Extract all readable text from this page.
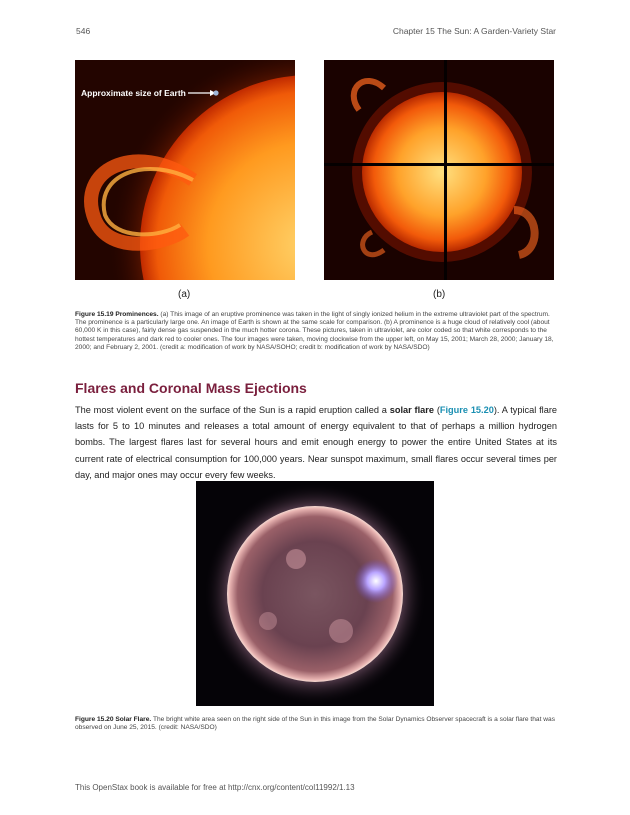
546	Chapter 15 The Sun: A Garden-Variety Star
Approximate size of Earth
(a)	(b)
Figure 15.19 Prominences. (a) This image of an eruptive prominence was taken in the light of singly ionized helium in the extreme ultraviolet part of the spectrum. The prominence is a particularly large one. An image of Earth is shown at the same scale for comparison. (b) A prominence is a huge cloud of relatively cool (about 60,000 K in this case), fairly dense gas suspended in the much hotter corona. These pictures, taken in ultraviolet, are color coded so that white corresponds to the hottest temperatures and dark red to cooler ones. The four images were taken, moving clockwise from the upper left, on May 15, 2001; March 28, 2000; January 18, 2000; and February 2, 2001. (credit a: modification of work by NASA/SOHO; credit b: modification of work by NASA/SDO)
Flares and Coronal Mass Ejections
The most violent event on the surface of the Sun is a rapid eruption called a solar flare (Figure 15.20). A typical flare lasts for 5 to 10 minutes and releases a total amount of energy equivalent to that of perhaps a million hydrogen bombs. The largest flares last for several hours and emit enough energy to power the entire United States at its current rate of electrical consumption for 100,000 years. Near sunspot maximum, small flares occur several times per day, and major ones may occur every few weeks.
Figure 15.20 Solar Flare. The bright white area seen on the right side of the Sun in this image from the Solar Dynamics Observer spacecraft is a solar flare that was observed on June 25, 2015. (credit: NASA/SDO)
This OpenStax book is available for free at http://cnx.org/content/col11992/1.13
